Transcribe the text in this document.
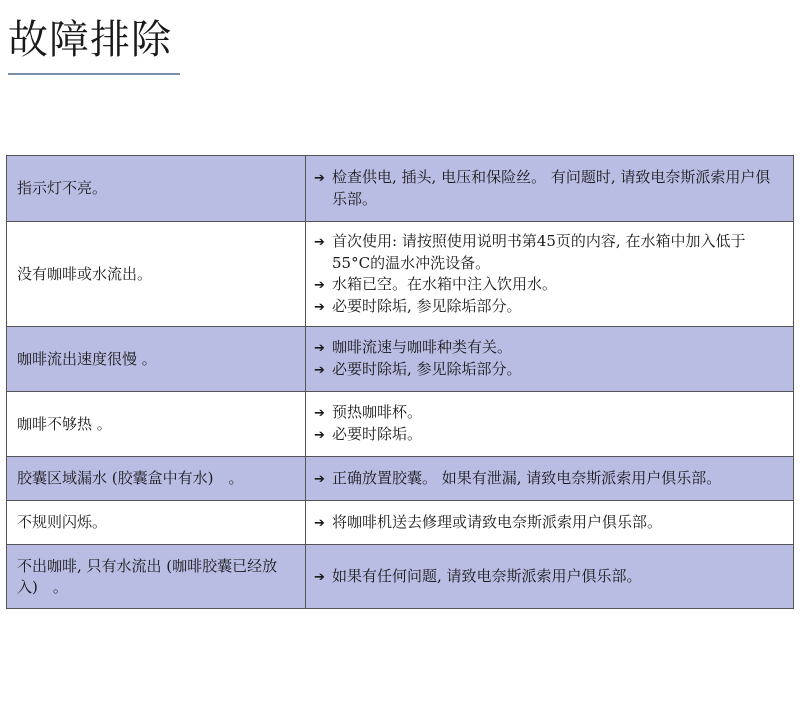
故障排除
指示灯不亮。	➔ 检查供电, 插头, 电压和保险丝。 有问题时, 请致电奈斯派索用户俱乐部。

没有咖啡或水流出。	➔ 首次使用: 请按照使用说明书第45页的内容, 在水箱中加入低于55°C的温水冲洗设备。
➔ 水箱已空。在水箱中注入饮用水。
➔ 必要时除垢, 参见除垢部分。

咖啡流出速度很慢 。	➔ 咖啡流速与咖啡种类有关。
➔ 必要时除垢, 参见除垢部分。

咖啡不够热 。	➔ 预热咖啡杯。
➔ 必要时除垢。

胶囊区域漏水 (胶囊盒中有水)　。	➔ 正确放置胶囊。 如果有泄漏, 请致电奈斯派索用户俱乐部。

不规则闪烁。	➔ 将咖啡机送去修理或请致电奈斯派索用户俱乐部。

不出咖啡, 只有水流出 (咖啡胶囊已经放入)　。	➔ 如果有任何问题, 请致电奈斯派索用户俱乐部。
